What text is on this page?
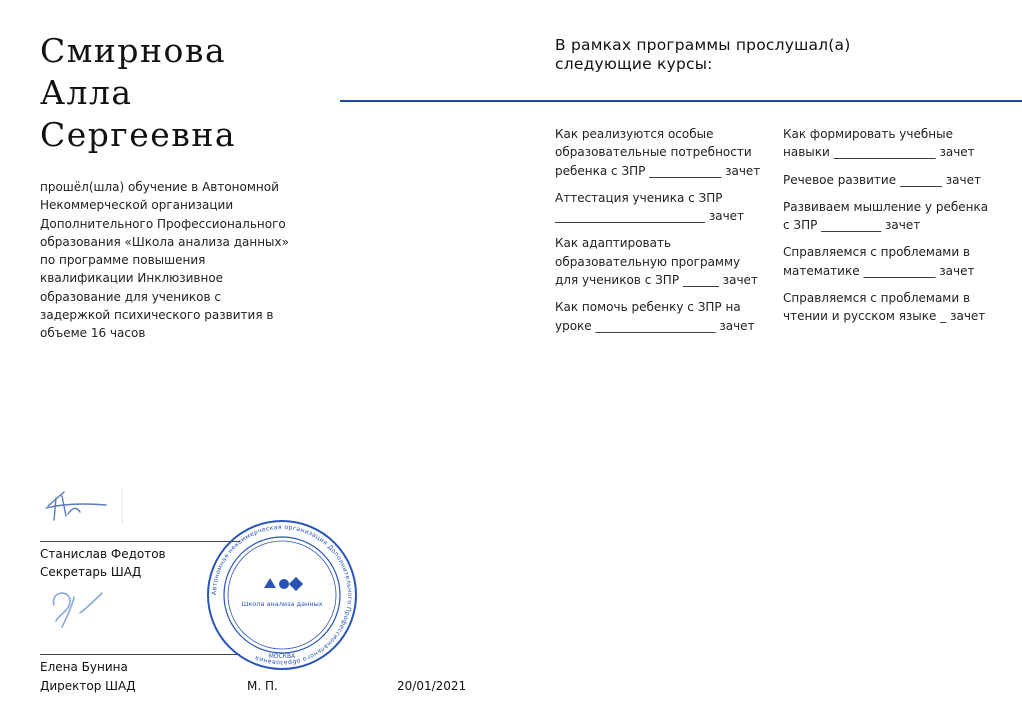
Смирнова
Алла
Сергеевна
прошёл(шла) обучение в Автономной Некоммерческой организации Дополнительного Профессионального образования «Школа анализа данных» по программе повышения квалификации Инклюзивное образование для учеников с задержкой психического развития в объеме 16 часов
В рамках программы прослушал(а)
следующие курсы:
Как реализуются особые образовательные потребности ребенка с ЗПР ____________ зачет
Аттестация ученика с ЗПР _________________________ зачет
Как адаптировать образовательную программу для учеников с ЗПР ______ зачет
Как помочь ребенку с ЗПР на уроке ____________________ зачет
Как формировать учебные навыки _________________ зачет
Речевое развитие _______ зачет
Развиваем мышление у ребенка с ЗПР __________ зачет
Справляемся с проблемами в математике ____________ зачет
Справляемся с проблемами в чтении и русском языке _ зачет
Станислав Федотов
Секретарь ШАД
Елена Бунина
Директор ШАД
Автономная некоммерческая организация Дополнительного Профессионального образования
Школа анализа данных
МОСКВА
М. П.	20/01/2021
